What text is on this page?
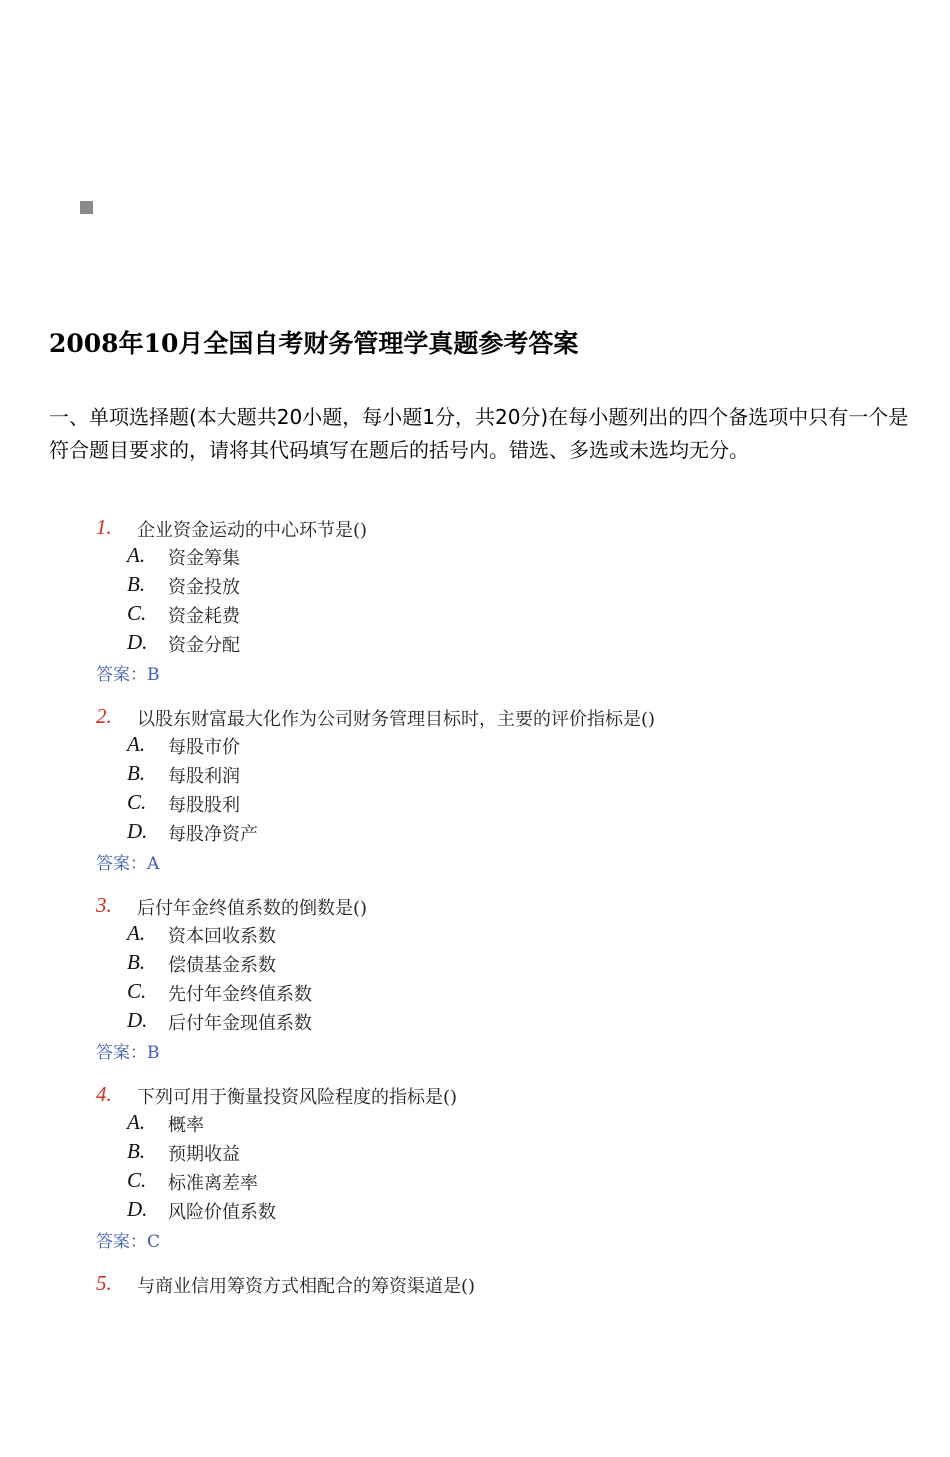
2008年10月全国自考财务管理学真题参考答案

一、单项选择题(本大题共20小题，每小题1分，共20分)在每小题列出的四个备选项中只有一个是符合题目要求的，请将其代码填写在题后的括号内。错选、多选或未选均无分。

1. 企业资金运动的中心环节是()
A. 资金筹集
B. 资金投放
C. 资金耗费
D. 资金分配
答案：B
2. 以股东财富最大化作为公司财务管理目标时，主要的评价指标是()
A. 每股市价
B. 每股利润
C. 每股股利
D. 每股净资产
答案：A
3. 后付年金终值系数的倒数是()
A. 资本回收系数
B. 偿债基金系数
C. 先付年金终值系数
D. 后付年金现值系数
答案：B
4. 下列可用于衡量投资风险程度的指标是()
A. 概率
B. 预期收益
C. 标准离差率
D. 风险价值系数
答案：C
5. 与商业信用筹资方式相配合的筹资渠道是()
